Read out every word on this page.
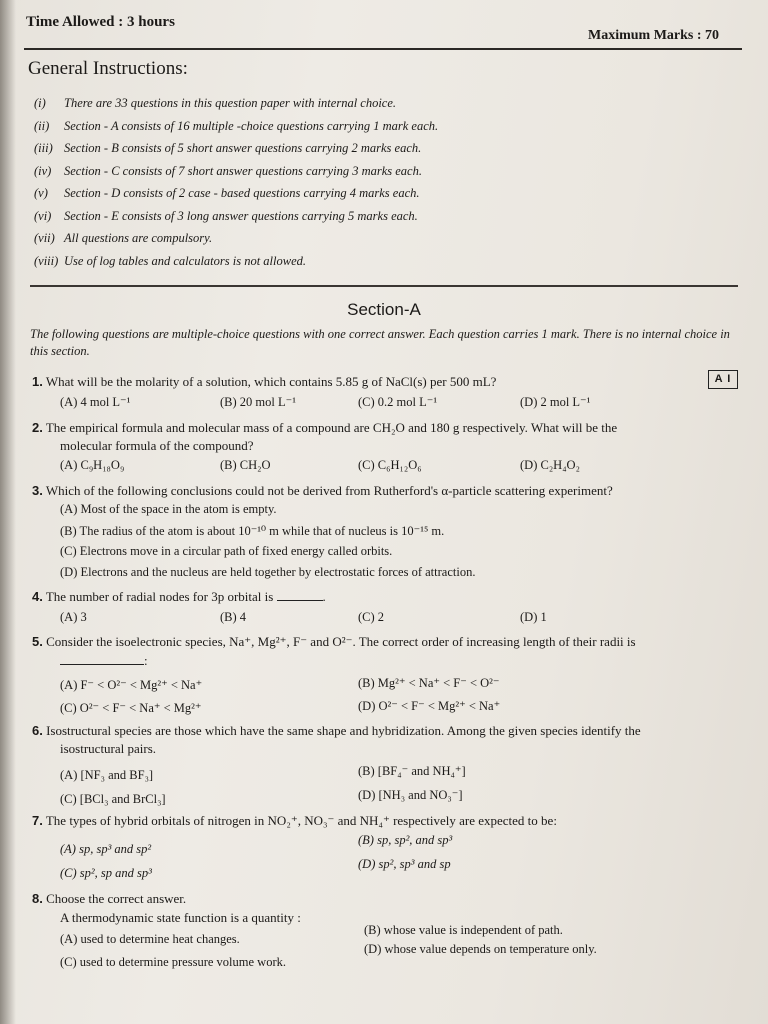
Time Allowed : 3 hours
Maximum Marks : 70
General Instructions:
(i)	There are 33 questions in this question paper with internal choice.
(ii)	Section - A consists of 16 multiple -choice questions carrying 1 mark each.
(iii) Section - B consists of 5 short answer questions carrying 2 marks each.
(iv)	Section - C consists of 7 short answer questions carrying 3 marks each.
(v)	Section - D consists of 2 case - based questions carrying 4 marks each.
(vi)	Section - E consists of 3 long answer questions carrying 5 marks each.
(vii) All questions are compulsory.
(viii) Use of log tables and calculators is not allowed.
Section-A
The following questions are multiple-choice questions with one correct answer. Each question carries 1 mark. There is no internal choice in this section.
1. What will be the molarity of a solution, which contains 5.85 g of NaCl(s) per 500 mL?	A I
(A) 4 mol L⁻¹	(B) 20 mol L⁻¹	(C) 0.2 mol L⁻¹	(D) 2 mol L⁻¹
2. The empirical formula and molecular mass of a compound are CH₂O and 180 g respectively. What will be the
molecular formula of the compound?
(A) C₉H₁₈O₉	(B) CH₂O	(C) C₆H₁₂O₆	(D) C₂H₄O₂
3. Which of the following conclusions could not be derived from Rutherford's α-particle scattering experiment?
(A) Most of the space in the atom is empty.
(B) The radius of the atom is about 10⁻¹⁰ m while that of nucleus is 10⁻¹⁵ m.
(C) Electrons move in a circular path of fixed energy called orbits.
(D) Electrons and the nucleus are held together by electrostatic forces of attraction.
4. The number of radial nodes for 3p orbital is	.
(A) 3	(B) 4	(C) 2	(D) 1
5. Consider the isoelectronic species, Na⁺, Mg²⁺, F⁻ and O²⁻. The correct order of increasing length of their radii is
:
(A) F⁻ < O²⁻ < Mg²⁺ < Na⁺	(B) Mg²⁺ < Na⁺ < F⁻ < O²⁻
(C) O²⁻ < F⁻ < Na⁺ < Mg²⁺	(D) O²⁻ < F⁻ < Mg²⁺ < Na⁺
6. Isostructural species are those which have the same shape and hybridization. Among the given species identify the
isostructural pairs.
(A) [NF₃ and BF₃]	(B) [BF₄⁻ and NH₄⁺]
(C) [BCl₃ and BrCl₃]	(D) [NH₃ and NO₃⁻]
7. The types of hybrid orbitals of nitrogen in NO₂⁺, NO₃⁻ and NH₄⁺ respectively are expected to be:
(A) sp, sp³ and sp²
(B) sp, sp², and sp³
(C) sp², sp and sp³
(D) sp², sp³ and sp
8. Choose the correct answer.
A thermodynamic state function is a quantity :
(A) used to determine heat changes.
(B) whose value is independent of path.
(C) used to determine pressure volume work.
(D) whose value depends on temperature only.
